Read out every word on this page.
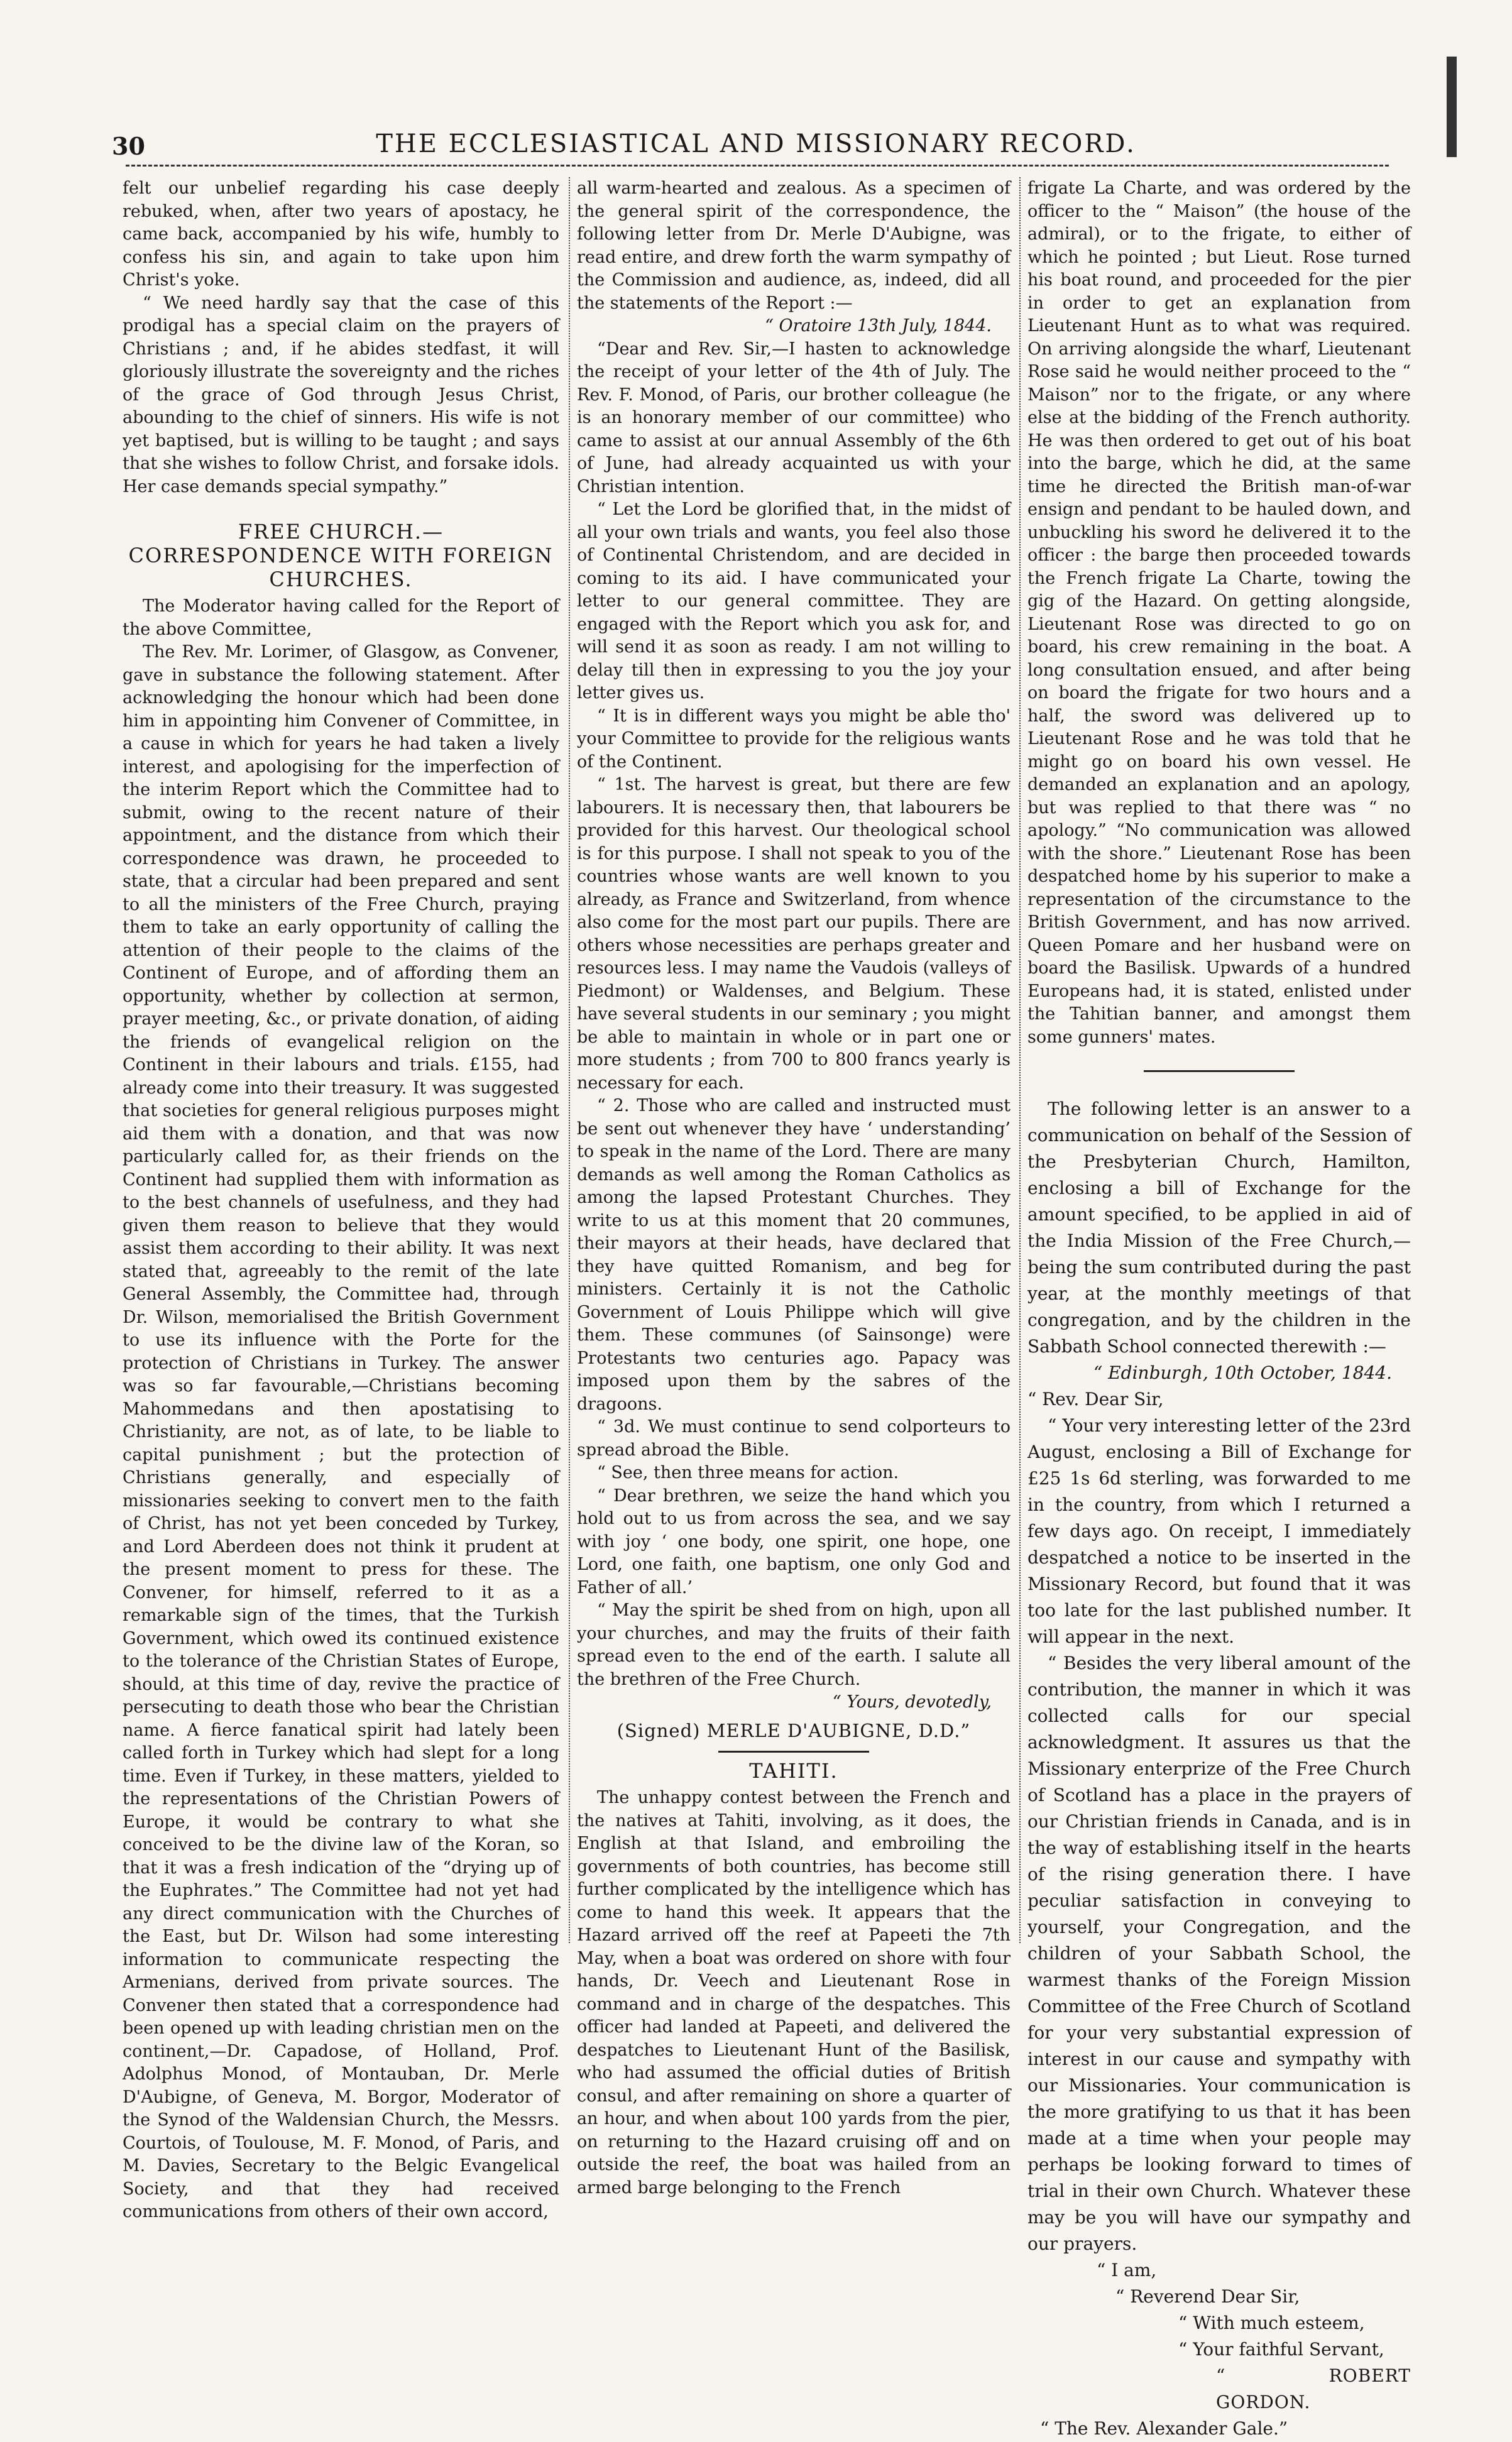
30	THE ECCLESIASTICAL AND MISSIONARY RECORD.

felt our unbelief regarding his case deeply rebuked, when, after two years of apostacy, he came back, accompanied by his wife, humbly to confess his sin, and again to take upon him Christ's yoke.

“ We need hardly say that the case of this prodigal has a special claim on the prayers of Christians ; and, if he abides stedfast, it will gloriously illustrate the sovereignty and the riches of the grace of God through Jesus Christ, abounding to the chief of sinners. His wife is not yet baptised, but is willing to be taught ; and says that she wishes to follow Christ, and forsake idols. Her case demands special sympathy.”

FREE CHURCH.—CORRESPONDENCE WITH FOREIGN CHURCHES.

The Moderator having called for the Report of the above Committee,

The Rev. Mr. Lorimer, of Glasgow, as Convener, gave in substance the following statement. After acknowledging the honour which had been done him in appointing him Convener of Committee, in a cause in which for years he had taken a lively interest, and apologising for the imperfection of the interim Report which the Committee had to submit, owing to the recent nature of their appointment, and the distance from which their correspondence was drawn, he proceeded to state, that a circular had been prepared and sent to all the ministers of the Free Church, praying them to take an early opportunity of calling the attention of their people to the claims of the Continent of Europe, and of affording them an opportunity, whether by collection at sermon, prayer meeting, &c., or private donation, of aiding the friends of evangelical religion on the Continent in their labours and trials. £155, had already come into their treasury. It was suggested that societies for general religious purposes might aid them with a donation, and that was now particularly called for, as their friends on the Continent had supplied them with information as to the best channels of usefulness, and they had given them reason to believe that they would assist them according to their ability. It was next stated that, agreeably to the remit of the late General Assembly, the Committee had, through Dr. Wilson, memorialised the British Government to use its influence with the Porte for the protection of Christians in Turkey. The answer was so far favourable,—Christians becoming Mahommedans and then apostatising to Christianity, are not, as of late, to be liable to capital punishment ; but the protection of Christians generally, and especially of missionaries seeking to convert men to the faith of Christ, has not yet been conceded by Turkey, and Lord Aberdeen does not think it prudent at the present moment to press for these. The Convener, for himself, referred to it as a remarkable sign of the times, that the Turkish Government, which owed its continued existence to the tolerance of the Christian States of Europe, should, at this time of day, revive the practice of persecuting to death those who bear the Christian name. A fierce fanatical spirit had lately been called forth in Turkey which had slept for a long time. Even if Turkey, in these matters, yielded to the representations of the Christian Powers of Europe, it would be contrary to what she conceived to be the divine law of the Koran, so that it was a fresh indication of the “drying up of the Euphrates.” The Committee had not yet had any direct communication with the Churches of the East, but Dr. Wilson had some interesting information to communicate respecting the Armenians, derived from private sources. The Convener then stated that a correspondence had been opened up with leading christian men on the continent,—Dr. Capadose, of Holland, Prof. Adolphus Monod, of Montauban, Dr. Merle D'Aubigne, of Geneva, M. Borgor, Moderator of the Synod of the Waldensian Church, the Messrs. Courtois, of Toulouse, M. F. Monod, of Paris, and M. Davies, Secretary to the Belgic Evangelical Society, and that they had received communications from others of their own accord,

all warm-hearted and zealous. As a specimen of the general spirit of the correspondence, the following letter from Dr. Merle D'Aubigne, was read entire, and drew forth the warm sympathy of the Commission and audience, as, indeed, did all the statements of the Report :—

“ Oratoire 13th July, 1844.

“Dear and Rev. Sir,—I hasten to acknowledge the receipt of your letter of the 4th of July. The Rev. F. Monod, of Paris, our brother colleague (he is an honorary member of our committee) who came to assist at our annual Assembly of the 6th of June, had already acquainted us with your Christian intention.

“ Let the Lord be glorified that, in the midst of all your own trials and wants, you feel also those of Continental Christendom, and are decided in coming to its aid. I have communicated your letter to our general committee. They are engaged with the Report which you ask for, and will send it as soon as ready. I am not willing to delay till then in expressing to you the joy your letter gives us.

“ It is in different ways you might be able tho' your Committee to provide for the religious wants of the Continent.

“ 1st. The harvest is great, but there are few labourers. It is necessary then, that labourers be provided for this harvest. Our theological school is for this purpose. I shall not speak to you of the countries whose wants are well known to you already, as France and Switzerland, from whence also come for the most part our pupils. There are others whose necessities are perhaps greater and resources less. I may name the Vaudois (valleys of Piedmont) or Waldenses, and Belgium. These have several students in our seminary ; you might be able to maintain in whole or in part one or more students ; from 700 to 800 francs yearly is necessary for each.

“ 2. Those who are called and instructed must be sent out whenever they have ‘ understanding’ to speak in the name of the Lord. There are many demands as well among the Roman Catholics as among the lapsed Protestant Churches. They write to us at this moment that 20 communes, their mayors at their heads, have declared that they have quitted Romanism, and beg for ministers. Certainly it is not the Catholic Government of Louis Philippe which will give them. These communes (of Sainsonge) were Protestants two centuries ago. Papacy was imposed upon them by the sabres of the dragoons.

“ 3d. We must continue to send colporteurs to spread abroad the Bible.

“ See, then three means for action.

“ Dear brethren, we seize the hand which you hold out to us from across the sea, and we say with joy ‘ one body, one spirit, one hope, one Lord, one faith, one baptism, one only God and Father of all.’

“ May the spirit be shed from on high, upon all your churches, and may the fruits of their faith spread even to the end of the earth. I salute all the brethren of the Free Church.

“ Yours, devotedly,

(Signed) MERLE D'AUBIGNE, D.D.”
TAHITI.

The unhappy contest between the French and the natives at Tahiti, involving, as it does, the English at that Island, and embroiling the governments of both countries, has become still further complicated by the intelligence which has come to hand this week. It appears that the Hazard arrived off the reef at Papeeti the 7th May, when a boat was ordered on shore with four hands, Dr. Veech and Lieutenant Rose in command and in charge of the despatches. This officer had landed at Papeeti, and delivered the despatches to Lieutenant Hunt of the Basilisk, who had assumed the official duties of British consul, and after remaining on shore a quarter of an hour, and when about 100 yards from the pier, on returning to the Hazard cruising off and on outside the reef, the boat was hailed from an armed barge belonging to the French

frigate La Charte, and was ordered by the officer to the “ Maison” (the house of the admiral), or to the frigate, to either of which he pointed ; but Lieut. Rose turned his boat round, and proceeded for the pier in order to get an explanation from Lieutenant Hunt as to what was required. On arriving alongside the wharf, Lieutenant Rose said he would neither proceed to the “ Maison” nor to the frigate, or any where else at the bidding of the French authority. He was then ordered to get out of his boat into the barge, which he did, at the same time he directed the British man-of-war ensign and pendant to be hauled down, and unbuckling his sword he delivered it to the officer : the barge then proceeded towards the French frigate La Charte, towing the gig of the Hazard. On getting alongside, Lieutenant Rose was directed to go on board, his crew remaining in the boat. A long consultation ensued, and after being on board the frigate for two hours and a half, the sword was delivered up to Lieutenant Rose and he was told that he might go on board his own vessel. He demanded an explanation and an apology, but was replied to that there was “ no apology.” “No communication was allowed with the shore.” Lieutenant Rose has been despatched home by his superior to make a representation of the circumstance to the British Government, and has now arrived. Queen Pomare and her husband were on board the Basilisk. Upwards of a hundred Europeans had, it is stated, enlisted under the Tahitian banner, and amongst them some gunners' mates.

The following letter is an answer to a communication on behalf of the Session of the Presbyterian Church, Hamilton, enclosing a bill of Exchange for the amount specified, to be applied in aid of the India Mission of the Free Church,—being the sum contributed during the past year, at the monthly meetings of that congregation, and by the children in the Sabbath School connected therewith :—

“ Edinburgh, 10th October, 1844.

“ Rev. Dear Sir,

“ Your very interesting letter of the 23rd August, enclosing a Bill of Exchange for £25 1s 6d sterling, was forwarded to me in the country, from which I returned a few days ago. On receipt, I immediately despatched a notice to be inserted in the Missionary Record, but found that it was too late for the last published number. It will appear in the next.

“ Besides the very liberal amount of the contribution, the manner in which it was collected calls for our special acknowledgment. It assures us that the Missionary enterprize of the Free Church of Scotland has a place in the prayers of our Christian friends in Canada, and is in the way of establishing itself in the hearts of the rising generation there. I have peculiar satisfaction in conveying to yourself, your Congregation, and the children of your Sabbath School, the warmest thanks of the Foreign Mission Committee of the Free Church of Scotland for your very substantial expression of interest in our cause and sympathy with our Missionaries. Your communication is the more gratifying to us that it has been made at a time when your people may perhaps be looking forward to times of trial in their own Church. Whatever these may be you will have our sympathy and our prayers.

“ I am,

“ Reverend Dear Sir,

“ With much esteem,

“ Your faithful Servant,

“ ROBERT GORDON.

“ The Rev. Alexander Gale.”
